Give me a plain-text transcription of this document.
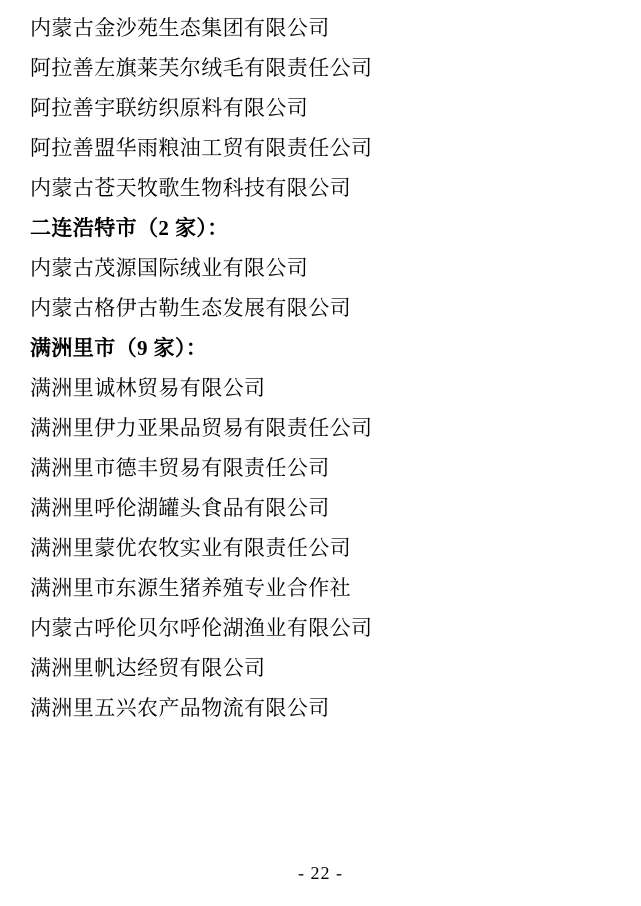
内蒙古金沙苑生态集团有限公司
阿拉善左旗莱芙尔绒毛有限责任公司
阿拉善宇联纺织原料有限公司
阿拉善盟华雨粮油工贸有限责任公司
内蒙古苍天牧歌生物科技有限公司
二连浩特市（2 家）：
内蒙古茂源国际绒业有限公司
内蒙古格伊古勒生态发展有限公司
满洲里市（9 家）：
满洲里诚林贸易有限公司
满洲里伊力亚果品贸易有限责任公司
满洲里市德丰贸易有限责任公司
满洲里呼伦湖罐头食品有限公司
满洲里蒙优农牧实业有限责任公司
满洲里市东源生猪养殖专业合作社
内蒙古呼伦贝尔呼伦湖渔业有限公司
满洲里帆达经贸有限公司
满洲里五兴农产品物流有限公司
- 22 -
